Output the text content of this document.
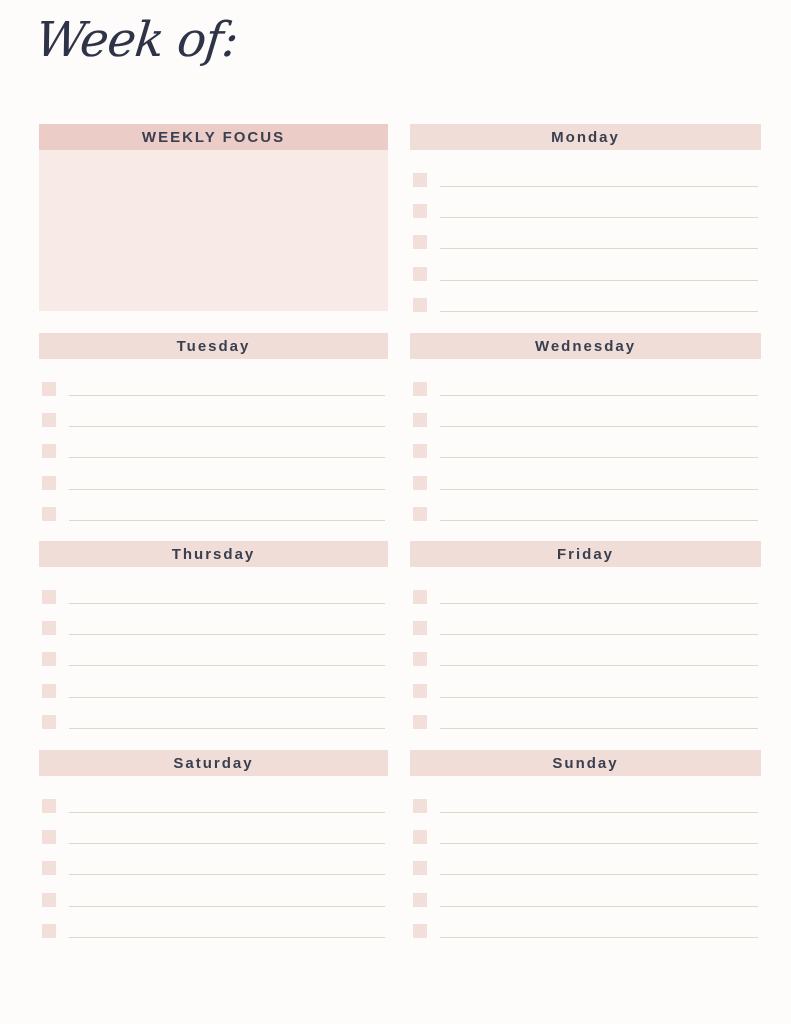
Week of:
WEEKLY FOCUS	Monday
Tuesday	Wednesday
Thursday	Friday
Saturday	Sunday
